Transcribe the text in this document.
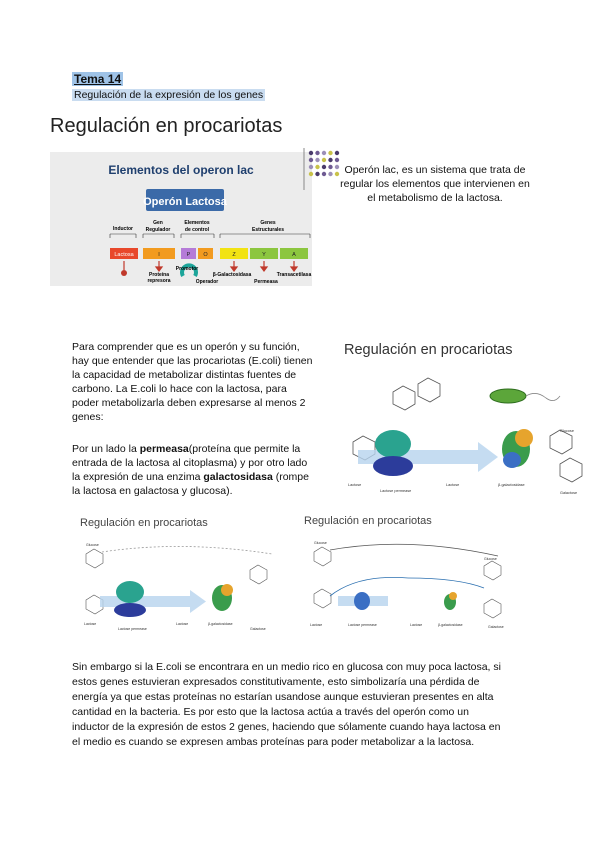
Tema 14
Regulación de la expresión de los genes
Regulación en procariotas
Elementos del operon lac
Operón Lactosa
Inductor
Gen
Regulador
Elementos
de control
Genes
Estructurales
Lactosa	I	P O	Z	Y	A
Proteína
represora
Promotor
Operador
β-Galactosidasa
Permeasa
Transacetilasa
Operón lac, es un sistema que trata de regular los elementos que intervienen en el metabolismo de la lactosa.
Para comprender que es un operón y su función,
hay que entender que las procariotas (E.coli) tienen
la capacidad de metabolizar distintas fuentes de
carbono. La E.coli lo hace con la lactosa, para
poder metabolizarla deben expresarse al menos 2
genes:
Por un lado la permeasa(proteína que permite la
entrada de la lactosa al citoplasma) y por otro lado
la expresión de una enzima galactosidasa (rompe
la lactosa en galactosa y glucosa).
Regulación en procariotas
Lactose
Lactose permease
Lactose	β-galactosidase
Glucose
Galactose
Regulación en procariotas
Glucose
Lactose
Lactose permease
Lactose	β-galactosidase
Galactose
Regulación en procariotas
Glucose
Glucose
Lactose	Lactose permease	Lactose	β-galactosidase	Galactose
Sin embargo si la E.coli se encontrara en un medio rico en glucosa con muy poca lactosa, si
estos genes estuvieran expresados constitutivamente, esto simbolizaría una pérdida de
energía ya que estas proteínas no estarían usandose aunque estuvieran presentes en alta
cantidad en la bacteria. Es por esto que la lactosa actúa a través del operón como un
inductor de la expresión de estos 2 genes, haciendo que sólamente cuando haya lactosa en
el medio es cuando se expresen ambas proteínas para poder metabolizar a la lactosa.
